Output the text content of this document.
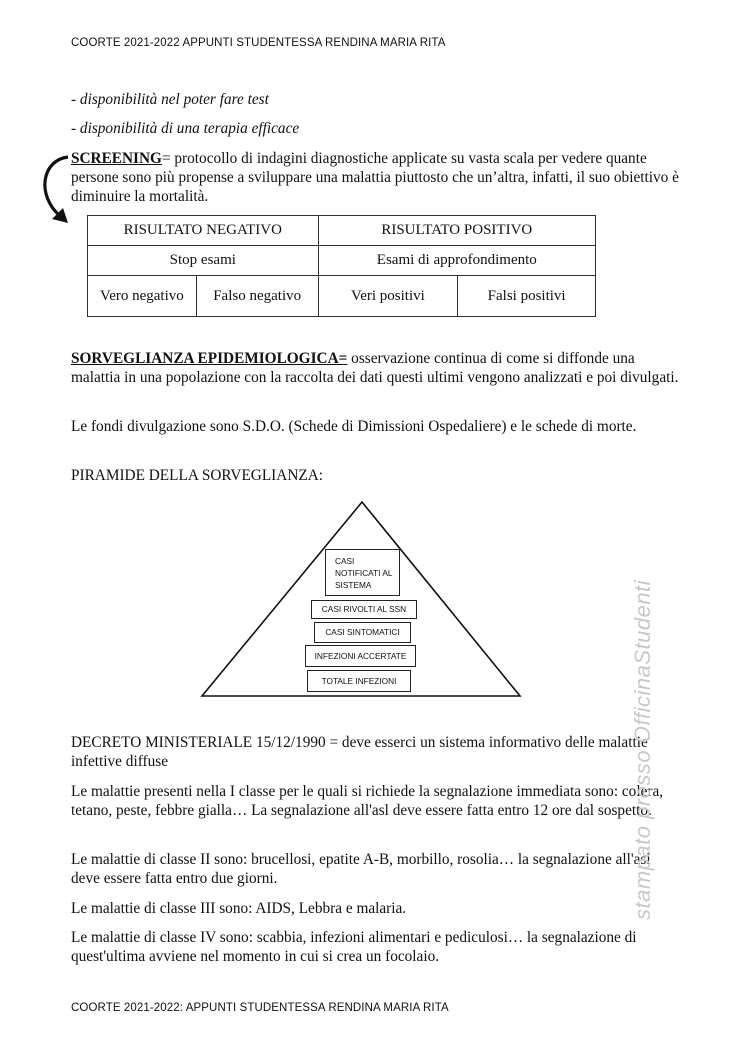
COORTE 2021-2022 APPUNTI STUDENTESSA RENDINA MARIA RITA
- disponibilità nel poter fare test
- disponibilità di una terapia efficace
SCREENING= protocollo di indagini diagnostiche applicate su vasta scala per vedere quante persone sono più propense a sviluppare una malattia piuttosto che un’altra, infatti, il suo obiettivo è diminuire la mortalità.
RISULTATO NEGATIVO		RISULTATO POSITIVO	
Stop esami		Esami di approfondimento	
Vero negativo	Falso negativo	Veri positivi	Falsi positivi
SORVEGLIANZA EPIDEMIOLOGICA= osservazione continua di come si diffonde una malattia in una popolazione con la raccolta dei dati questi ultimi vengono analizzati e poi divulgati.
Le fondi divulgazione sono S.D.O. (Schede di Dimissioni Ospedaliere) e le schede di morte.
PIRAMIDE DELLA SORVEGLIANZA:
CASI NOTIFICATI AL SISTEMA
CASI RIVOLTI AL SSN
CASI SINTOMATICI
INFEZIONI ACCERTATE
TOTALE INFEZIONI
DECRETO MINISTERIALE 15/12/1990 = deve esserci un sistema informativo delle malattie infettive diffuse
Le malattie presenti nella I classe per le quali si richiede la segnalazione immediata sono: colera, tetano, peste, febbre gialla… La segnalazione all'asl deve essere fatta entro 12 ore dal sospetto.
Le malattie di classe II sono: brucellosi, epatite A-B, morbillo, rosolia… la segnalazione all'asl deve essere fatta entro due giorni.
Le malattie di classe III sono: AIDS, Lebbra e malaria.
Le malattie di classe IV sono: scabbia, infezioni alimentari e pediculosi… la segnalazione di quest'ultima avviene nel momento in cui si crea un focolaio.
stampato presso OfficinaStudenti
COORTE 2021-2022: APPUNTI STUDENTESSA RENDINA MARIA RITA
